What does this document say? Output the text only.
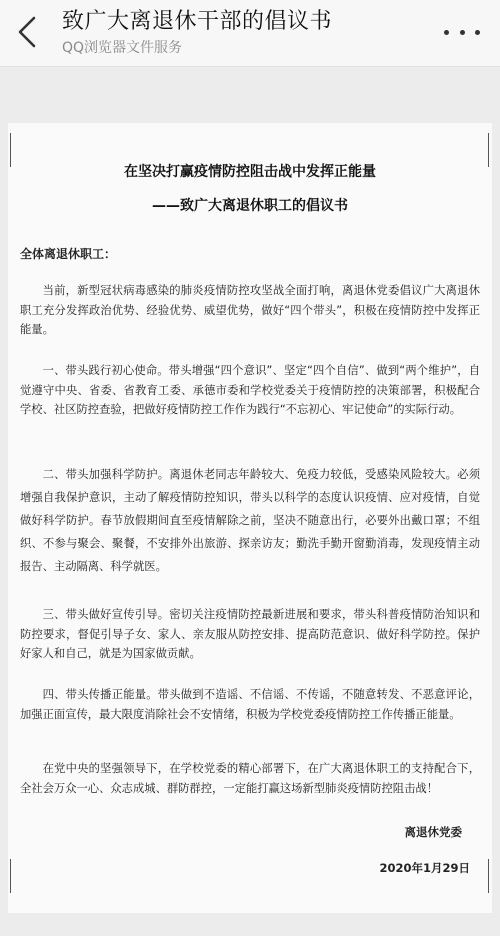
致广大离退休干部的倡议书
QQ浏览器文件服务
在坚决打赢疫情防控阻击战中发挥正能量
——致广大离退休职工的倡议书
全体离退休职工：
当前，新型冠状病毒感染的肺炎疫情防控攻坚战全面打响，离退休党委倡议广大离退休职工充分发挥政治优势、经验优势、威望优势，做好“四个带头”，积极在疫情防控中发挥正能量。
一、带头践行初心使命。带头增强“四个意识”、坚定“四个自信”、做到“两个维护”，自觉遵守中央、省委、省教育工委、承德市委和学校党委关于疫情防控的决策部署，积极配合学校、社区防控查验，把做好疫情防控工作作为践行“不忘初心、牢记使命”的实际行动。
二、带头加强科学防护。离退休老同志年龄较大、免疫力较低，受感染风险较大。必须增强自我保护意识，主动了解疫情防控知识，带头以科学的态度认识疫情、应对疫情，自觉做好科学防护。春节放假期间直至疫情解除之前，坚决不随意出行，必要外出戴口罩；不组织、不参与聚会、聚餐，不安排外出旅游、探亲访友；勤洗手勤开窗勤消毒，发现疫情主动报告、主动隔离、科学就医。
三、带头做好宣传引导。密切关注疫情防控最新进展和要求，带头科普疫情防治知识和防控要求，督促引导子女、家人、亲友服从防控安排、提高防范意识、做好科学防控。保护好家人和自己，就是为国家做贡献。
四、带头传播正能量。带头做到不造谣、不信谣、不传谣，不随意转发、不恶意评论，加强正面宣传，最大限度消除社会不安情绪，积极为学校党委疫情防控工作传播正能量。
在党中央的坚强领导下，在学校党委的精心部署下，在广大离退休职工的支持配合下，全社会万众一心、众志成城、群防群控，一定能打赢这场新型肺炎疫情防控阻击战！
离退休党委
2020年1月29日
